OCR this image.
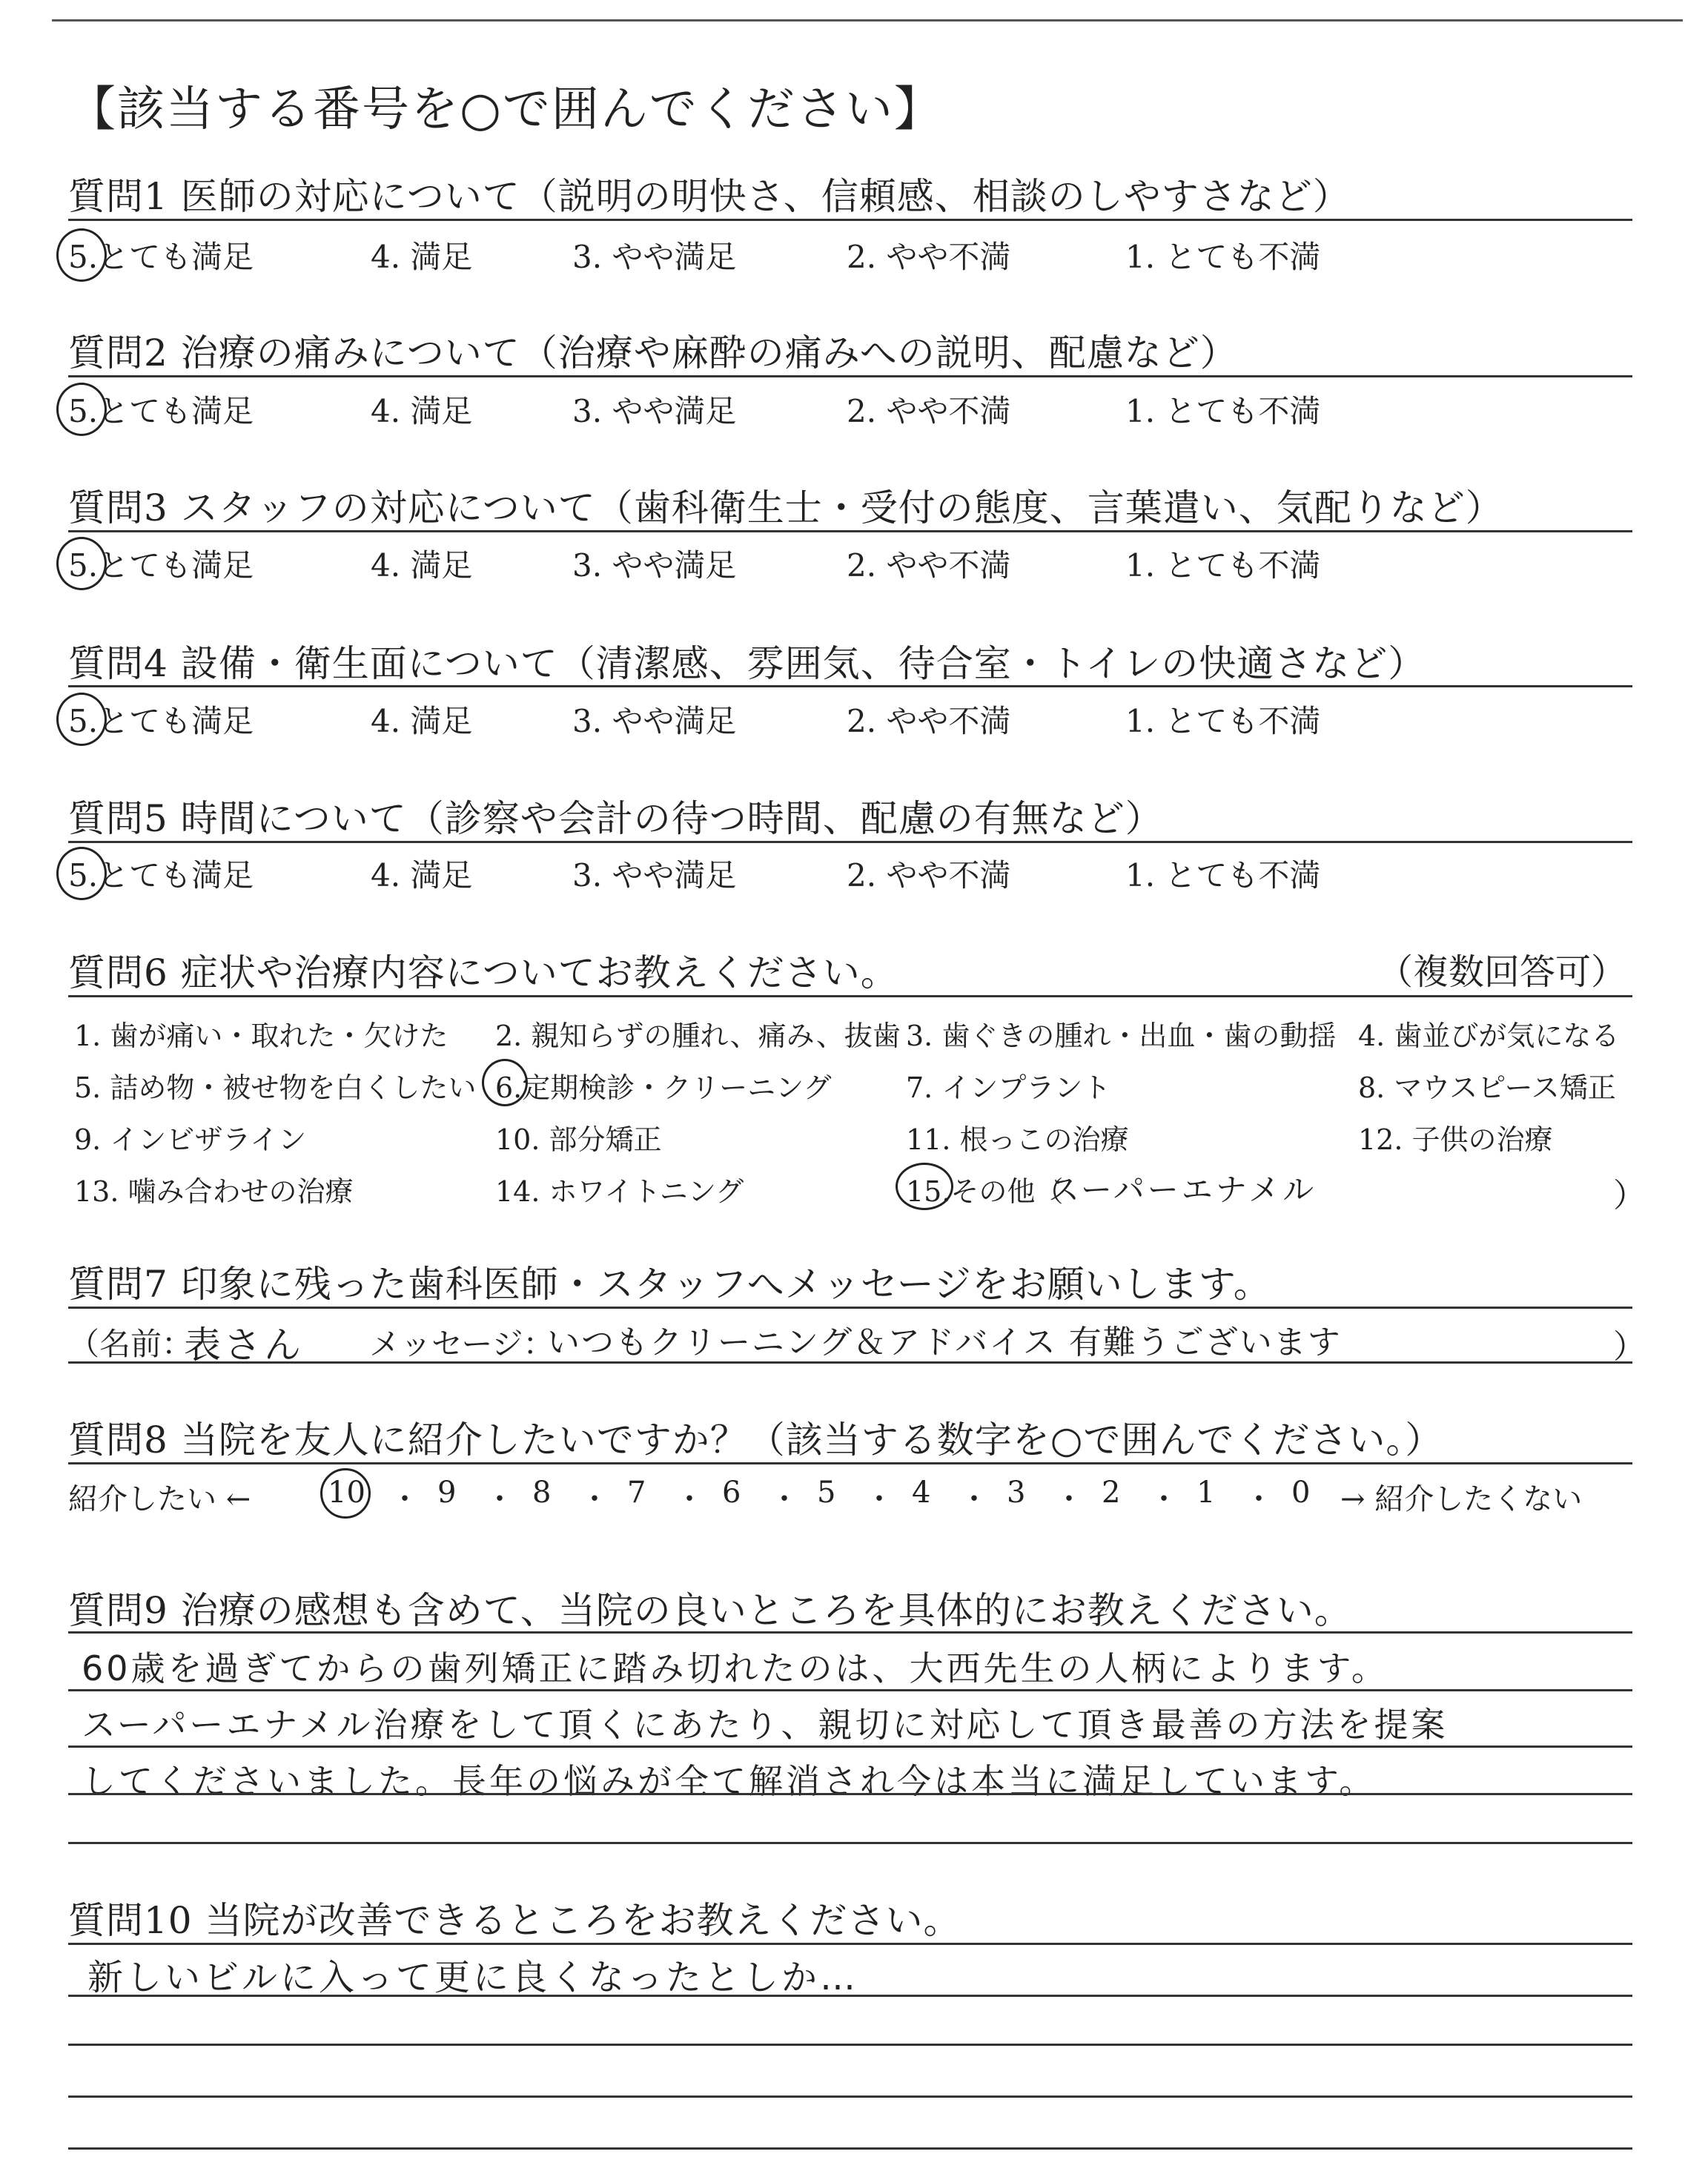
【該当する番号を○で囲んでください】
質問1 医師の対応について（説明の明快さ、信頼感、相談のしやすさなど）
5.とても満足	4. 満足	3. やや満足	2. やや不満	1. とても不満
質問2 治療の痛みについて（治療や麻酔の痛みへの説明、配慮など）
5.とても満足	4. 満足	3. やや満足	2. やや不満	1. とても不満
質問3 スタッフの対応について（歯科衛生士・受付の態度、言葉遣い、気配りなど）
5.とても満足	4. 満足	3. やや満足	2. やや不満	1. とても不満
質問4 設備・衛生面について（清潔感、雰囲気、待合室・トイレの快適さなど）
5.とても満足	4. 満足	3. やや満足	2. やや不満	1. とても不満
質問5 時間について（診察や会計の待つ時間、配慮の有無など）
5.とても満足	4. 満足	3. やや満足	2. やや不満	1. とても不満
質問6 症状や治療内容についてお教えください。	（複数回答可）
1. 歯が痛い・取れた・欠けた 2. 親知らずの腫れ、痛み、抜歯 3. 歯ぐきの腫れ・出血・歯の動揺 4. 歯並びが気になる
5. 詰め物・被せ物を白くしたい 6.定期検診・クリーニング	7. インプラント	8. マウスピース矯正
9. インビザライン	10. 部分矯正	11. 根っこの治療	12. 子供の治療
13. 噛み合わせの治療	14. ホワイトニング	15.その他（
スーパーエナメル	）
質問7 印象に残った歯科医師・スタッフへメッセージをお願いします。
（名前：
表さん メッセージ：
いつもクリーニング＆アドバイス 有難うございます	）
質問8 当院を友人に紹介したいですか？（該当する数字を○で囲んでください。）
紹介したい ←	10 ・ 9 ・ 8 ・ 7 ・ 6 ・ 5 ・ 4 ・ 3 ・ 2 ・ 1 ・ 0 → 紹介したくない
質問9 治療の感想も含めて、当院の良いところを具体的にお教えください。
60歳を過ぎてからの歯列矯正に踏み切れたのは、大西先生の人柄によります。
スーパーエナメル治療をして頂くにあたり、親切に対応して頂き最善の方法を提案
してくださいました。長年の悩みが全て解消され今は本当に満足しています。
質問10 当院が改善できるところをお教えください。
新しいビルに入って更に良くなったとしか…
